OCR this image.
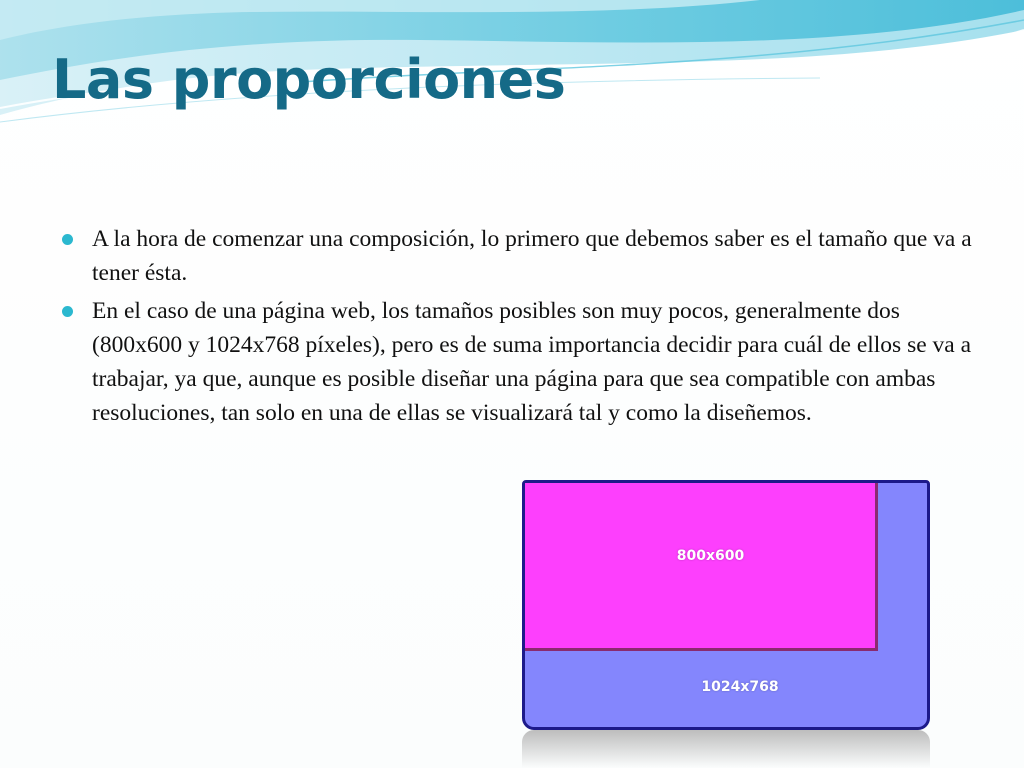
Las proporciones
A la hora de comenzar una composición, lo primero que debemos saber es el tamaño que va a tener ésta.
En el caso de una página web, los tamaños posibles son muy pocos, generalmente dos (800x600 y 1024x768 píxeles), pero es de suma importancia decidir para cuál de ellos se va a trabajar, ya que, aunque es posible diseñar una página para que sea compatible con ambas resoluciones, tan solo en una de ellas se visualizará tal y como la diseñemos.
800x600
1024x768
